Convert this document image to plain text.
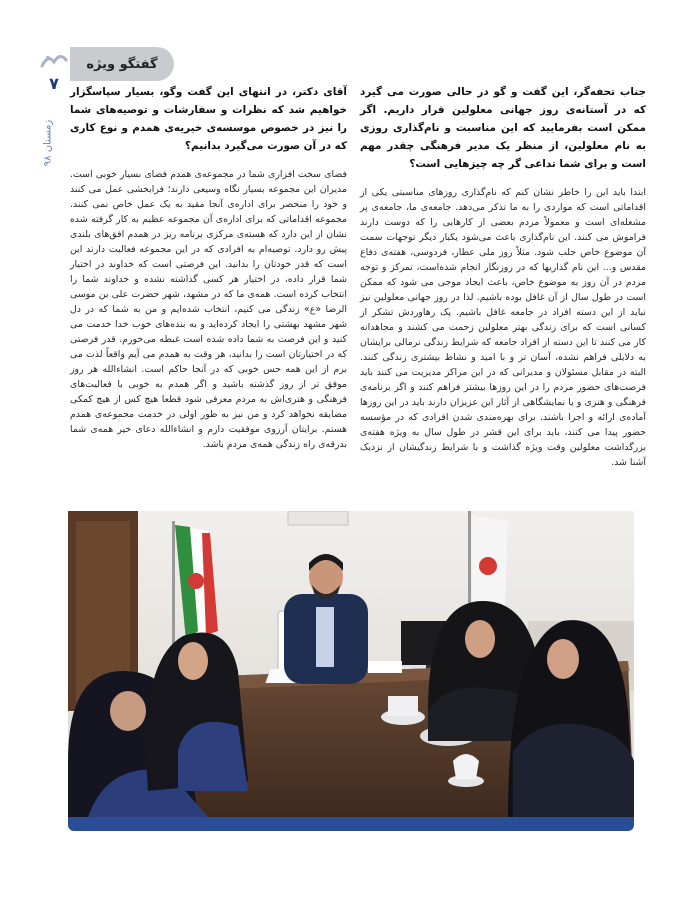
گفتگو ویژه
۷
زمستان ۹۸

جناب تحفه‌گر، این گفت و گو در حالی صورت می گیرد که در آستانه‌ی روز جهانی معلولین قرار داریم. اگر ممکن است بفرمایید که این مناسبت و نام‌گذاری روزی به نام معلولین، از منظر یک مدیر فرهنگی چقدر مهم است و برای شما تداعی گر چه چیزهایی است؟

ابتدا باید این را خاطر نشان کنم که نام‌گذاری روزهای مناسبتی یکی از اقداماتی است که مواردی را به ما تذکر می‌دهد. جامعه‌ی ما، جامعه‌ی پر مشغله‌ای است و معمولاً مردم بعضی از کارهایی را که دوست دارند فراموش می کنند. این نام‌گذاری باعث می‌شود یکبار دیگر توجهات سمت آن موضوع خاص جلب شود. مثلاً روز ملی عطار، فردوسی، هفته‌ی دفاع مقدس و... این نام گذاریها که در روزنگار انجام شده‌است، تمرکز و توجه مردم در آن روز به موضوع خاص، باعث ایجاد موجی می شود که ممکن است در طول سال از آن غافل بوده باشیم. لذا در روز جهانی معلولین نیز نباید از این دسته افراد در جامعه غافل باشیم. یک رهاوردش تشکر از کسانی است که برای زندگی بهتر معلولین زحمت می کشند و مجاهدانه کار می کنند تا این دسته از افراد جامعه که شرایط زندگی نرمالی برایشان به دلایلی فراهم نشده، آسان تر و با امید و نشاط بیشتری زندگی کنند. البته در مقابل مسئولان و مدیرانی که در این مراکز مدیریت می کنند باید فرصت‌های حضور مردم را در این روزها بیشتر فراهم کنند و اگر برنامه‌ی فرهنگی و هنری و یا نمایشگاهی از آثار این عزیزان دارند باید در این روزها آماده‌ی ارائه و اجرا باشند. برای بهره‌مندی شدن افرادی که در مؤسسه حضور پیدا می کنند، باید برای این قشر در طول سال به ویژه هفته‌ی بزرگداشت معلولین وقت ویژه گذاشت و با شرایط زندگیشان از نزدیک آشنا شد.

آقای دکتر، در انتهای این گفت وگو، بسیار سپاسگزار خواهیم شد که نظرات و سفارشات و توصیه‌های شما را نیز در خصوص موسسه‌ی خیریه‌ی همدم و نوع کاری که در آن صورت می‌گیرد بدانیم؟

فضای سخت افزاری شما در مجموعه‌ی همدم فضای بسیار خوبی است. مدیران این مجموعه بسیار نگاه وسیعی دارند؛ فرابخشی عمل می کنند و خود را منحصر برای اداره‌ی آنجا مقید به یک عمل خاص نمی کنند. مجموعه اقداماتی که برای اداره‌ی آن مجموعه عظیم به کار گرفته شده نشان از این دارد که هسته‌ی مرکزی برنامه ریز در همدم افق‌های بلندی پیش رو دارد. توصیه‌ام به افرادی که در این مجموعه فعالیت دارند این است که قدر خودتان را بدانید. این فرصتی است که خداوند در اختیار شما قرار داده، در اختیار هر کسی گذاشته نشده و خداوند شما را انتخاب کرده است. همه‌ی ما که در مشهد، شهر حضرت علی بن موسی الرضا «ع» زندگی می کنیم، انتخاب شده‌ایم و من به شما که در دل شهر مشهد بهشتی را ایجاد کرده‌اید و به بنده‌های خوب خدا خدمت می کنید و این فرصت به شما داده شده است غبطه می‌خورم. قدر فرصتی که در اختیارتان است را بدانید، هر وقت به همدم می آیم واقعاً لذت می برم از این همه حس خوبی که در آنجا حاکم است. انشاءالله هر روز موفق تر از روز گذشته باشید و اگر همدم به خوبی با فعالیت‌های فرهنگی و هنری‌اش به مردم معرفی شود قطعا هیچ کس از هیچ کمکی مضایقه نخواهد کرد و من نیز به طور اولی در خدمت مجموعه‌ی همدم هستم. برایتان آرزوی موفقیت دارم و انشاءالله دعای خیر همه‌ی شما بدرقه‌ی راه زندگی همه‌ی مردم باشد.
